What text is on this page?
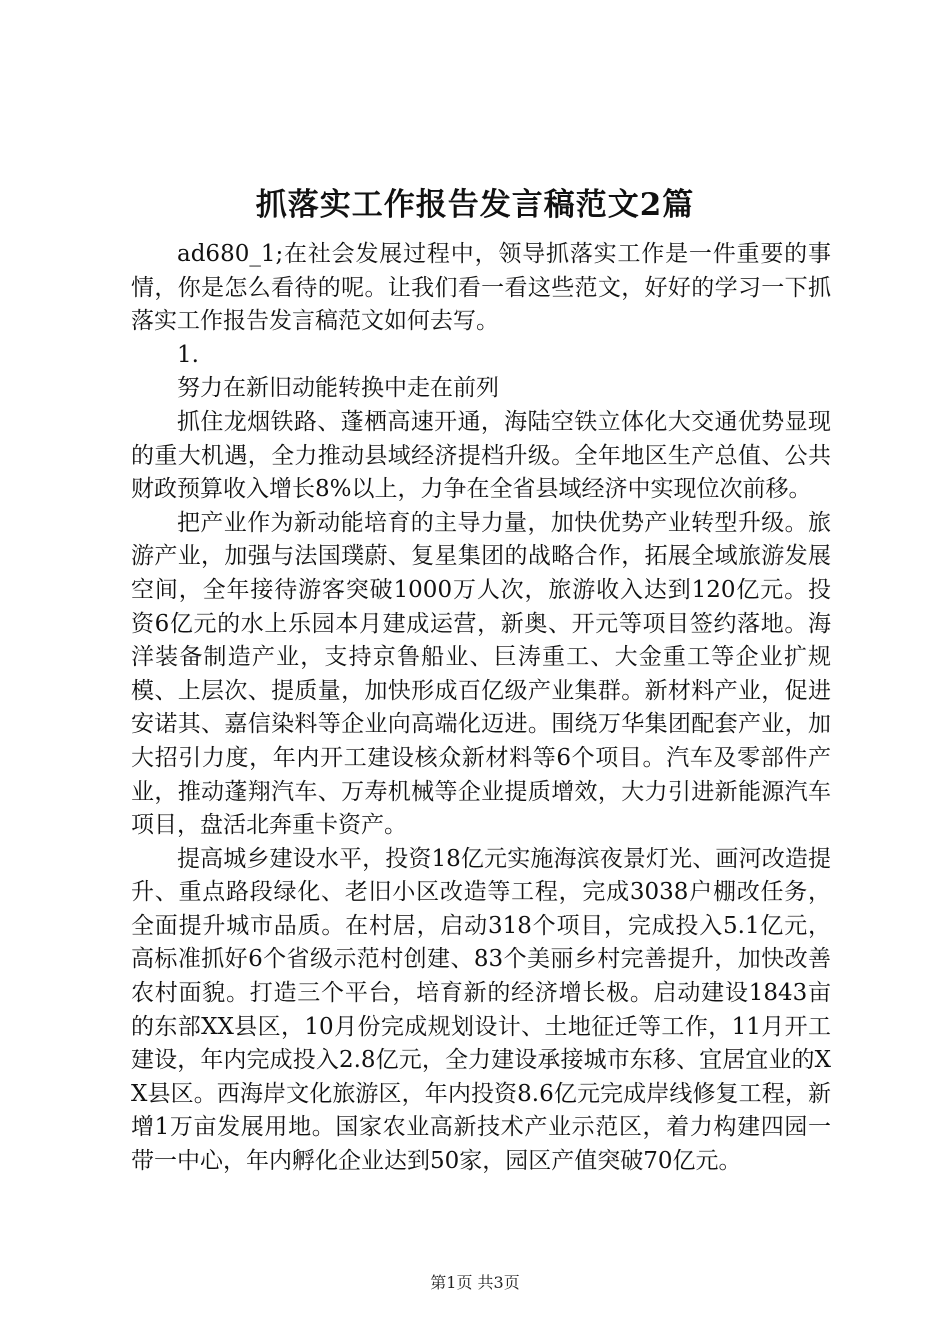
抓落实工作报告发言稿范文2篇

ad680_1;在社会发展过程中，领导抓落实工作是一件重要的事情，你是怎么看待的呢。让我们看一看这些范文，好好的学习一下抓落实工作报告发言稿范文如何去写。

1.

努力在新旧动能转换中走在前列

抓住龙烟铁路、蓬栖高速开通，海陆空铁立体化大交通优势显现的重大机遇，全力推动县域经济提档升级。全年地区生产总值、公共财政预算收入增长8%以上，力争在全省县域经济中实现位次前移。

把产业作为新动能培育的主导力量，加快优势产业转型升级。旅游产业，加强与法国璞蔚、复星集团的战略合作，拓展全域旅游发展空间，全年接待游客突破1000万人次，旅游收入达到120亿元。投资6亿元的水上乐园本月建成运营，新奥、开元等项目签约落地。海洋装备制造产业，支持京鲁船业、巨涛重工、大金重工等企业扩规模、上层次、提质量，加快形成百亿级产业集群。新材料产业，促进安诺其、嘉信染料等企业向高端化迈进。围绕万华集团配套产业，加大招引力度，年内开工建设核众新材料等6个项目。汽车及零部件产业，推动蓬翔汽车、万寿机械等企业提质增效，大力引进新能源汽车项目，盘活北奔重卡资产。

提高城乡建设水平，投资18亿元实施海滨夜景灯光、画河改造提升、重点路段绿化、老旧小区改造等工程，完成3038户棚改任务，全面提升城市品质。在村居，启动318个项目，完成投入5.1亿元，高标准抓好6个省级示范村创建、83个美丽乡村完善提升，加快改善农村面貌。打造三个平台，培育新的经济增长极。启动建设1843亩的东部XX县区，10月份完成规划设计、土地征迁等工作，11月开工建设，年内完成投入2.8亿元，全力建设承接城市东移、宜居宜业的XX县区。西海岸文化旅游区，年内投资8.6亿元完成岸线修复工程，新增1万亩发展用地。国家农业高新技术产业示范区，着力构建四园一带一中心，年内孵化企业达到50家，园区产值突破70亿元。

第1页 共3页
